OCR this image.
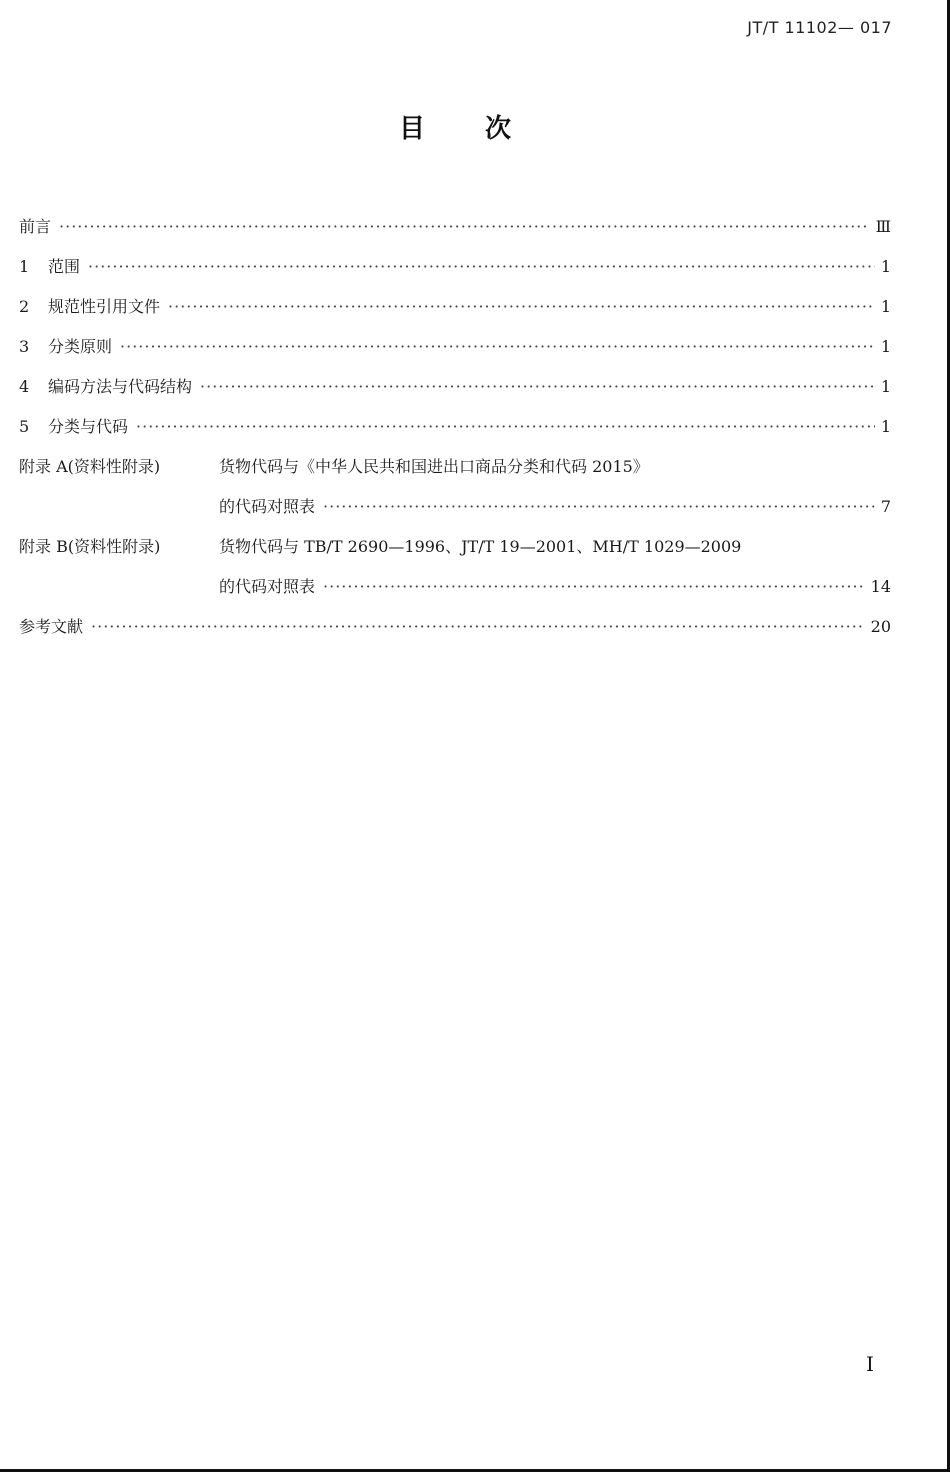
JT/T 11102— 017
目次
前言 ·····	Ⅲ
1	范围 ·····	1
2	规范性引用文件 ·····	1
3	分类原则 ·····	1
4	编码方法与代码结构 ·····	1
5	分类与代码 ·····	1
附录 A(资料性附录)	货物代码与《中华人民共和国进出口商品分类和代码 2015》
的代码对照表 ·····	7
附录 B(资料性附录)	货物代码与 TB/T 2690—1996、JT/T 19—2001、MH/T 1029—2009
的代码对照表 ·····	14
参考文献 ·····	20
I
